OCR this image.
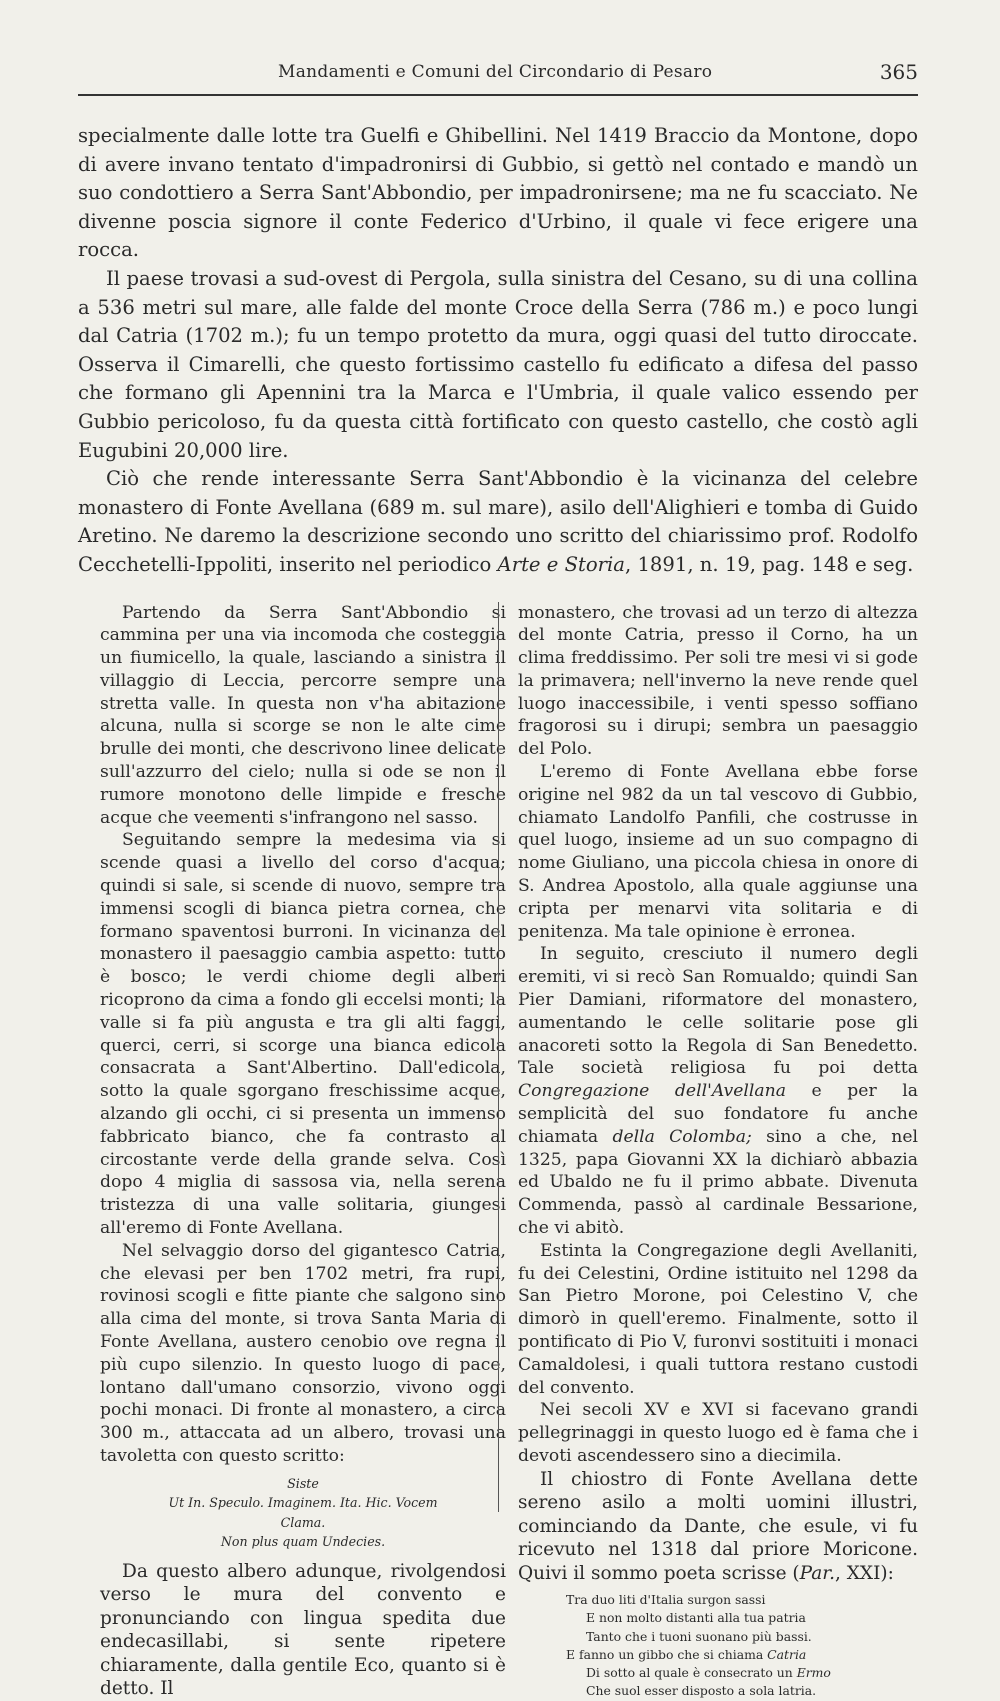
Mandamenti e Comuni del Circondario di Pesaro	365

specialmente dalle lotte tra Guelfi e Ghibellini. Nel 1419 Braccio da Montone, dopo di avere invano tentato d'impadronirsi di Gubbio, si gettò nel contado e mandò un suo condottiero a Serra Sant'Abbondio, per impadronirsene; ma ne fu scacciato. Ne divenne poscia signore il conte Federico d'Urbino, il quale vi fece erigere una rocca.

Il paese trovasi a sud-ovest di Pergola, sulla sinistra del Cesano, su di una collina a 536 metri sul mare, alle falde del monte Croce della Serra (786 m.) e poco lungi dal Catria (1702 m.); fu un tempo protetto da mura, oggi quasi del tutto diroccate. Osserva il Cimarelli, che questo fortissimo castello fu edificato a difesa del passo che formano gli Apennini tra la Marca e l'Umbria, il quale valico essendo per Gubbio pericoloso, fu da questa città fortificato con questo castello, che costò agli Eugubini 20,000 lire.

Ciò che rende interessante Serra Sant'Abbondio è la vicinanza del celebre monastero di Fonte Avellana (689 m. sul mare), asilo dell'Alighieri e tomba di Guido Aretino. Ne daremo la descrizione secondo uno scritto del chiarissimo prof. Rodolfo Cecchetelli-Ippoliti, inserito nel periodico Arte e Storia, 1891, n. 19, pag. 148 e seg.

Partendo da Serra Sant'Abbondio si cammina per una via incomoda che costeggia un fiumicello, la quale, lasciando a sinistra il villaggio di Leccia, percorre sempre una stretta valle. In questa non v'ha abitazione alcuna, nulla si scorge se non le alte cime brulle dei monti, che descrivono linee delicate sull'azzurro del cielo; nulla si ode se non il rumore monotono delle limpide e fresche acque che veementi s'infrangono nel sasso.

Seguitando sempre la medesima via si scende quasi a livello del corso d'acqua; quindi si sale, si scende di nuovo, sempre tra immensi scogli di bianca pietra cornea, che formano spaventosi burroni. In vicinanza del monastero il paesaggio cambia aspetto: tutto è bosco; le verdi chiome degli alberi ricoprono da cima a fondo gli eccelsi monti; la valle si fa più angusta e tra gli alti faggi, querci, cerri, si scorge una bianca edicola consacrata a Sant'Albertino. Dall'edicola, sotto la quale sgorgano freschissime acque, alzando gli occhi, ci si presenta un immenso fabbricato bianco, che fa contrasto al circostante verde della grande selva. Così dopo 4 miglia di sassosa via, nella serena tristezza di una valle solitaria, giungesi all'eremo di Fonte Avellana.

Nel selvaggio dorso del gigantesco Catria, che elevasi per ben 1702 metri, fra rupi, rovinosi scogli e fitte piante che salgono sino alla cima del monte, si trova Santa Maria di Fonte Avellana, austero cenobio ove regna il più cupo silenzio. In questo luogo di pace, lontano dall'umano consorzio, vivono oggi pochi monaci. Di fronte al monastero, a circa 300 m., attaccata ad un albero, trovasi una tavoletta con questo scritto:

Siste
Ut In. Speculo. Imaginem. Ita. Hic. Vocem
Clama.
Non plus quam Undecies.

Da questo albero adunque, rivolgendosi verso le mura del convento e pronunciando con lingua spedita due endecasillabi, si sente ripetere chiaramente, dalla gentile Eco, quanto si è detto. Il

monastero, che trovasi ad un terzo di altezza del monte Catria, presso il Corno, ha un clima freddissimo. Per soli tre mesi vi si gode la primavera; nell'inverno la neve rende quel luogo inaccessibile, i venti spesso soffiano fragorosi su i dirupi; sembra un paesaggio del Polo.

L'eremo di Fonte Avellana ebbe forse origine nel 982 da un tal vescovo di Gubbio, chiamato Landolfo Panfili, che costrusse in quel luogo, insieme ad un suo compagno di nome Giuliano, una piccola chiesa in onore di S. Andrea Apostolo, alla quale aggiunse una cripta per menarvi vita solitaria e di penitenza. Ma tale opinione è erronea.

In seguito, cresciuto il numero degli eremiti, vi si recò San Romualdo; quindi San Pier Damiani, riformatore del monastero, aumentando le celle solitarie pose gli anacoreti sotto la Regola di San Benedetto. Tale società religiosa fu poi detta Congregazione dell'Avellana e per la semplicità del suo fondatore fu anche chiamata della Colomba; sino a che, nel 1325, papa Giovanni XX la dichiarò abbazia ed Ubaldo ne fu il primo abbate. Divenuta Commenda, passò al cardinale Bessarione, che vi abitò.

Estinta la Congregazione degli Avellaniti, fu dei Celestini, Ordine istituito nel 1298 da San Pietro Morone, poi Celestino V, che dimorò in quell'eremo. Finalmente, sotto il pontificato di Pio V, furonvi sostituiti i monaci Camaldolesi, i quali tuttora restano custodi del convento.

Nei secoli XV e XVI si facevano grandi pellegrinaggi in questo luogo ed è fama che i devoti ascendessero sino a diecimila.

Il chiostro di Fonte Avellana dette sereno asilo a molti uomini illustri, cominciando da Dante, che esule, vi fu ricevuto nel 1318 dal priore Moricone. Quivi il sommo poeta scrisse (Par., XXI):

Tra duo liti d'Italia surgon sassi
E non molto distanti alla tua patria
Tanto che i tuoni suonano più bassi.
E fanno un gibbo che si chiama Catria
Di sotto al quale è consecrato un Ermo
Che suol esser disposto a sola latria.
